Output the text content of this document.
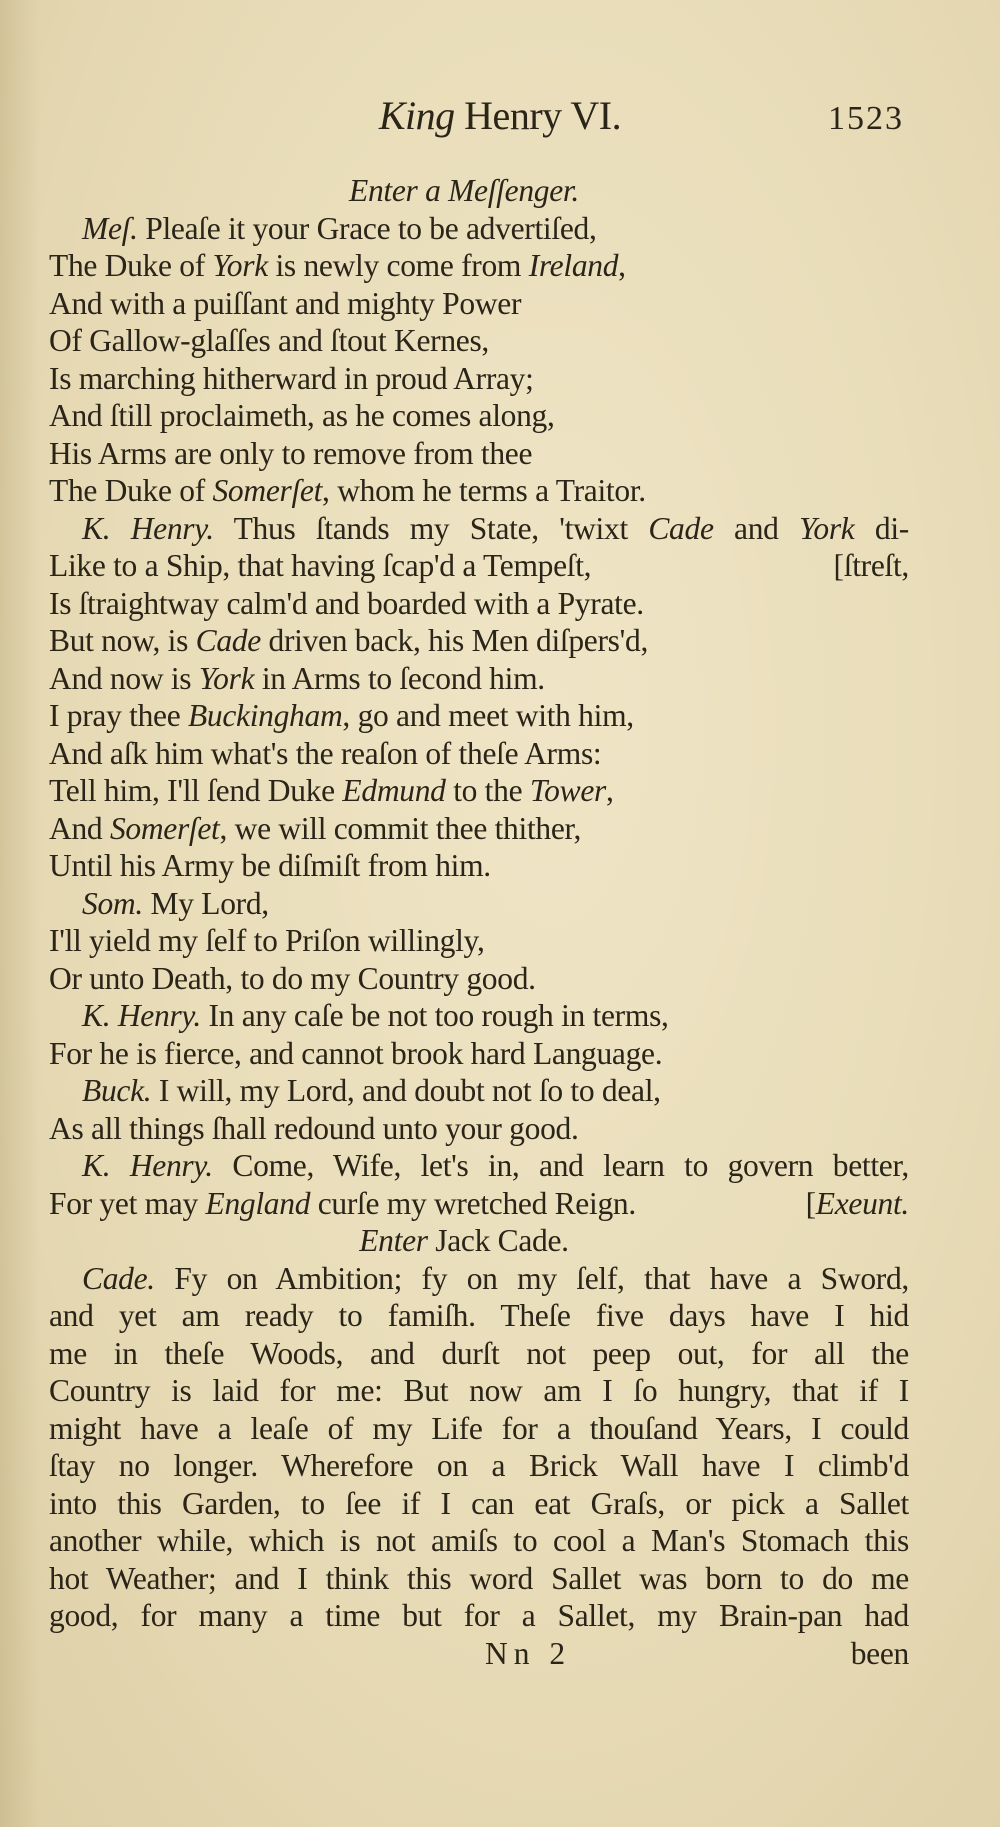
King Henry VI.	1523
Enter a Meſſenger.
Meſ. Pleaſe it your Grace to be advertiſed,
The Duke of York is newly come from Ireland,
And with a puiſſant and mighty Power
Of Gallow-glaſſes and ſtout Kernes,
Is marching hitherward in proud Array;
And ſtill proclaimeth, as he comes along,
His Arms are only to remove from thee
The Duke of Somerſet, whom he terms a Traitor.
K. Henry. Thus ſtands my State, 'twixt Cade and York di-
Like to a Ship, that having ſcap'd a Tempeſt,	[ſtreſt,
Is ſtraightway calm'd and boarded with a Pyrate.
But now, is Cade driven back, his Men diſpers'd,
And now is York in Arms to ſecond him.
I pray thee Buckingham, go and meet with him,
And aſk him what's the reaſon of theſe Arms:
Tell him, I'll ſend Duke Edmund to the Tower,
And Somerſet, we will commit thee thither,
Until his Army be diſmiſt from him.
Som. My Lord,
I'll yield my ſelf to Priſon willingly,
Or unto Death, to do my Country good.
K. Henry. In any caſe be not too rough in terms,
For he is fierce, and cannot brook hard Language.
Buck. I will, my Lord, and doubt not ſo to deal,
As all things ſhall redound unto your good.
K. Henry. Come, Wife, let's in, and learn to govern better,
For yet may England curſe my wretched Reign.	[Exeunt.
Enter Jack Cade.
Cade. Fy on Ambition; fy on my ſelf, that have a Sword,
and yet am ready to famiſh. Theſe five days have I hid
me in theſe Woods, and durſt not peep out, for all the
Country is laid for me: But now am I ſo hungry, that if I
might have a leaſe of my Life for a thouſand Years, I could
ſtay no longer. Wherefore on a Brick Wall have I climb'd
into this Garden, to ſee if I can eat Graſs, or pick a Sallet
another while, which is not amiſs to cool a Man's Stomach this
hot Weather; and I think this word Sallet was born to do me
good, for many a time but for a Sallet, my Brain-pan had
Nn 2	been
